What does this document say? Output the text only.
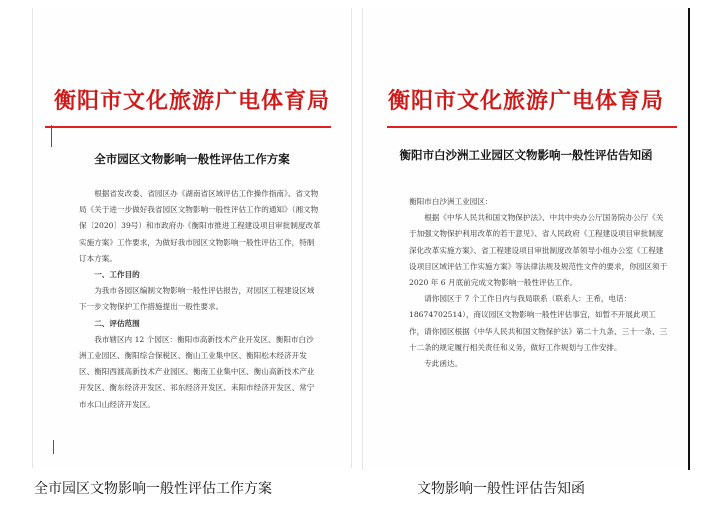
衡阳市文化旅游广电体育局
全市园区文物影响一般性评估工作方案

根据省发改委、省园区办《湖南省区域评估工作操作指南》、省文物局《关于进一步做好我省园区文物影响一般性评估工作的通知》（湘文物保〔2020〕39号）和市政府办《衡阳市推进工程建设项目审批制度改革实施方案》工作要求，为做好我市园区文物影响一般性评估工作，特制订本方案。

一、工作目的

为我市各园区编制文物影响一般性评估报告，对园区工程建设区域下一步文物保护工作措施提出一般性要求。

二、评估范围

我市辖区内 12 个园区：衡阳市高新技术产业开发区、衡阳市白沙洲工业园区、衡阳综合保税区、衡山工业集中区、衡阳松木经济开发区、衡阳西渡高新技术产业园区、衡南工业集中区、衡山高新技术产业开发区、衡东经济开发区、祁东经济开发区、耒阳市经济开发区、常宁市水口山经济开发区。

衡阳市文化旅游广电体育局
衡阳市白沙洲工业园区文物影响一般性评估告知函

衡阳市白沙洲工业园区：

根据《中华人民共和国文物保护法》、中共中央办公厅国务院办公厅《关于加强文物保护利用改革的若干意见》、省人民政府《工程建设项目审批制度深化改革实施方案》、省工程建设项目审批制度改革领导小组办公室《工程建设项目区域评估工作实施方案》等法律法规及规范性文件的要求，你园区须于 2020 年 6 月底前完成文物影响一般性评估工作。

请你园区于 7 个工作日内与我局联系（联系人：王希，电话：18674702514），商议园区文物影响一般性评估事宜，如暂不开展此项工作，请你园区根据《中华人民共和国文物保护法》第二十九条、三十一条、三十二条的规定履行相关责任和义务，做好工作规划与工作安排。

专此函达。

全市园区文物影响一般性评估工作方案	文物影响一般性评估告知函
